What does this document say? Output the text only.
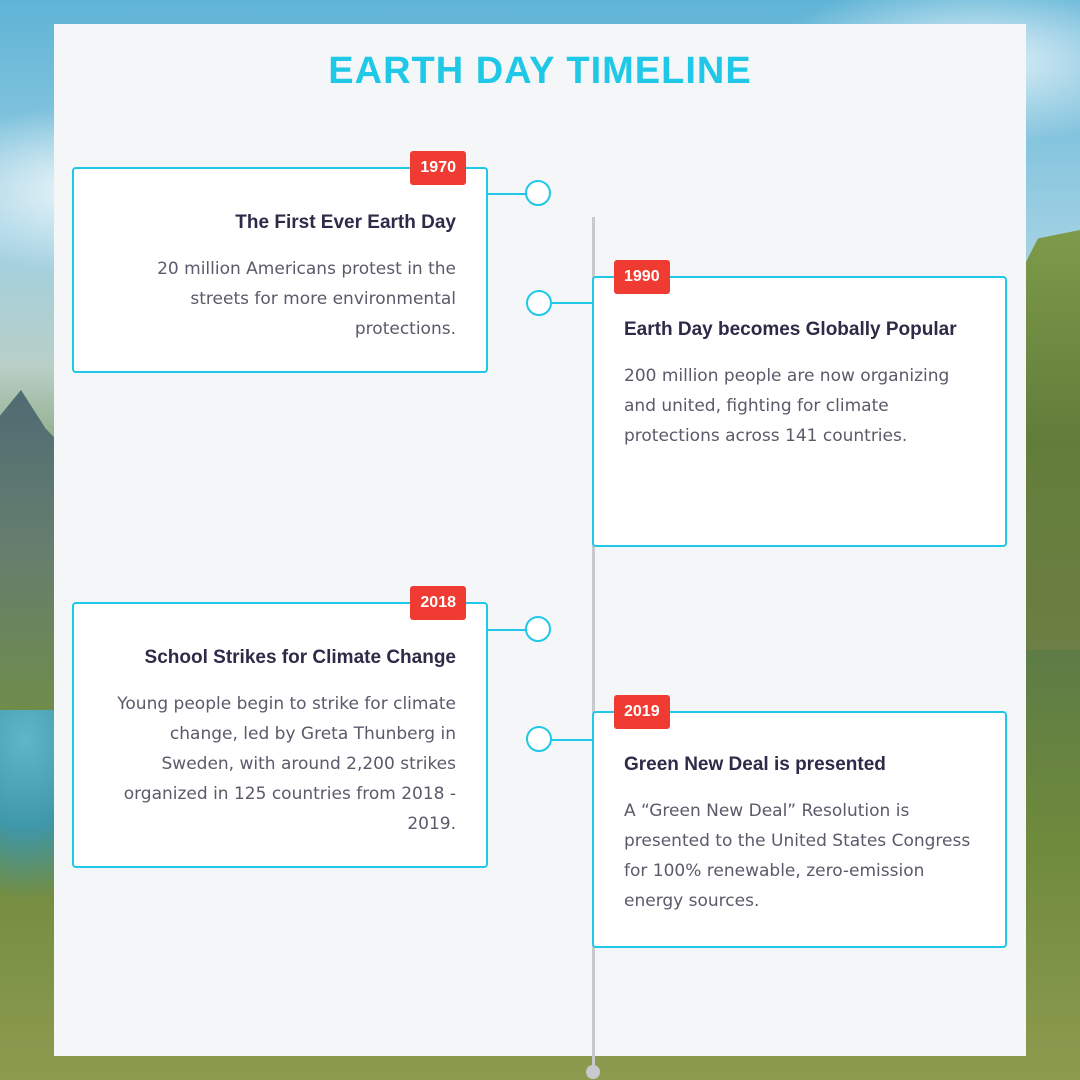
EARTH DAY TIMELINE
1970
The First Ever Earth Day

20 million Americans protest in the streets for more environmental protections.

1990
Earth Day becomes Globally Popular

200 million people are now organizing and united, fighting for climate protections across 141 countries.

2018
School Strikes for Climate Change

Young people begin to strike for climate change, led by Greta Thunberg in Sweden, with around 2,200 strikes organized in 125 countries from 2018 - 2019.

2019
Green New Deal is presented

A “Green New Deal” Resolution is presented to the United States Congress for 100% renewable, zero-emission energy sources.
